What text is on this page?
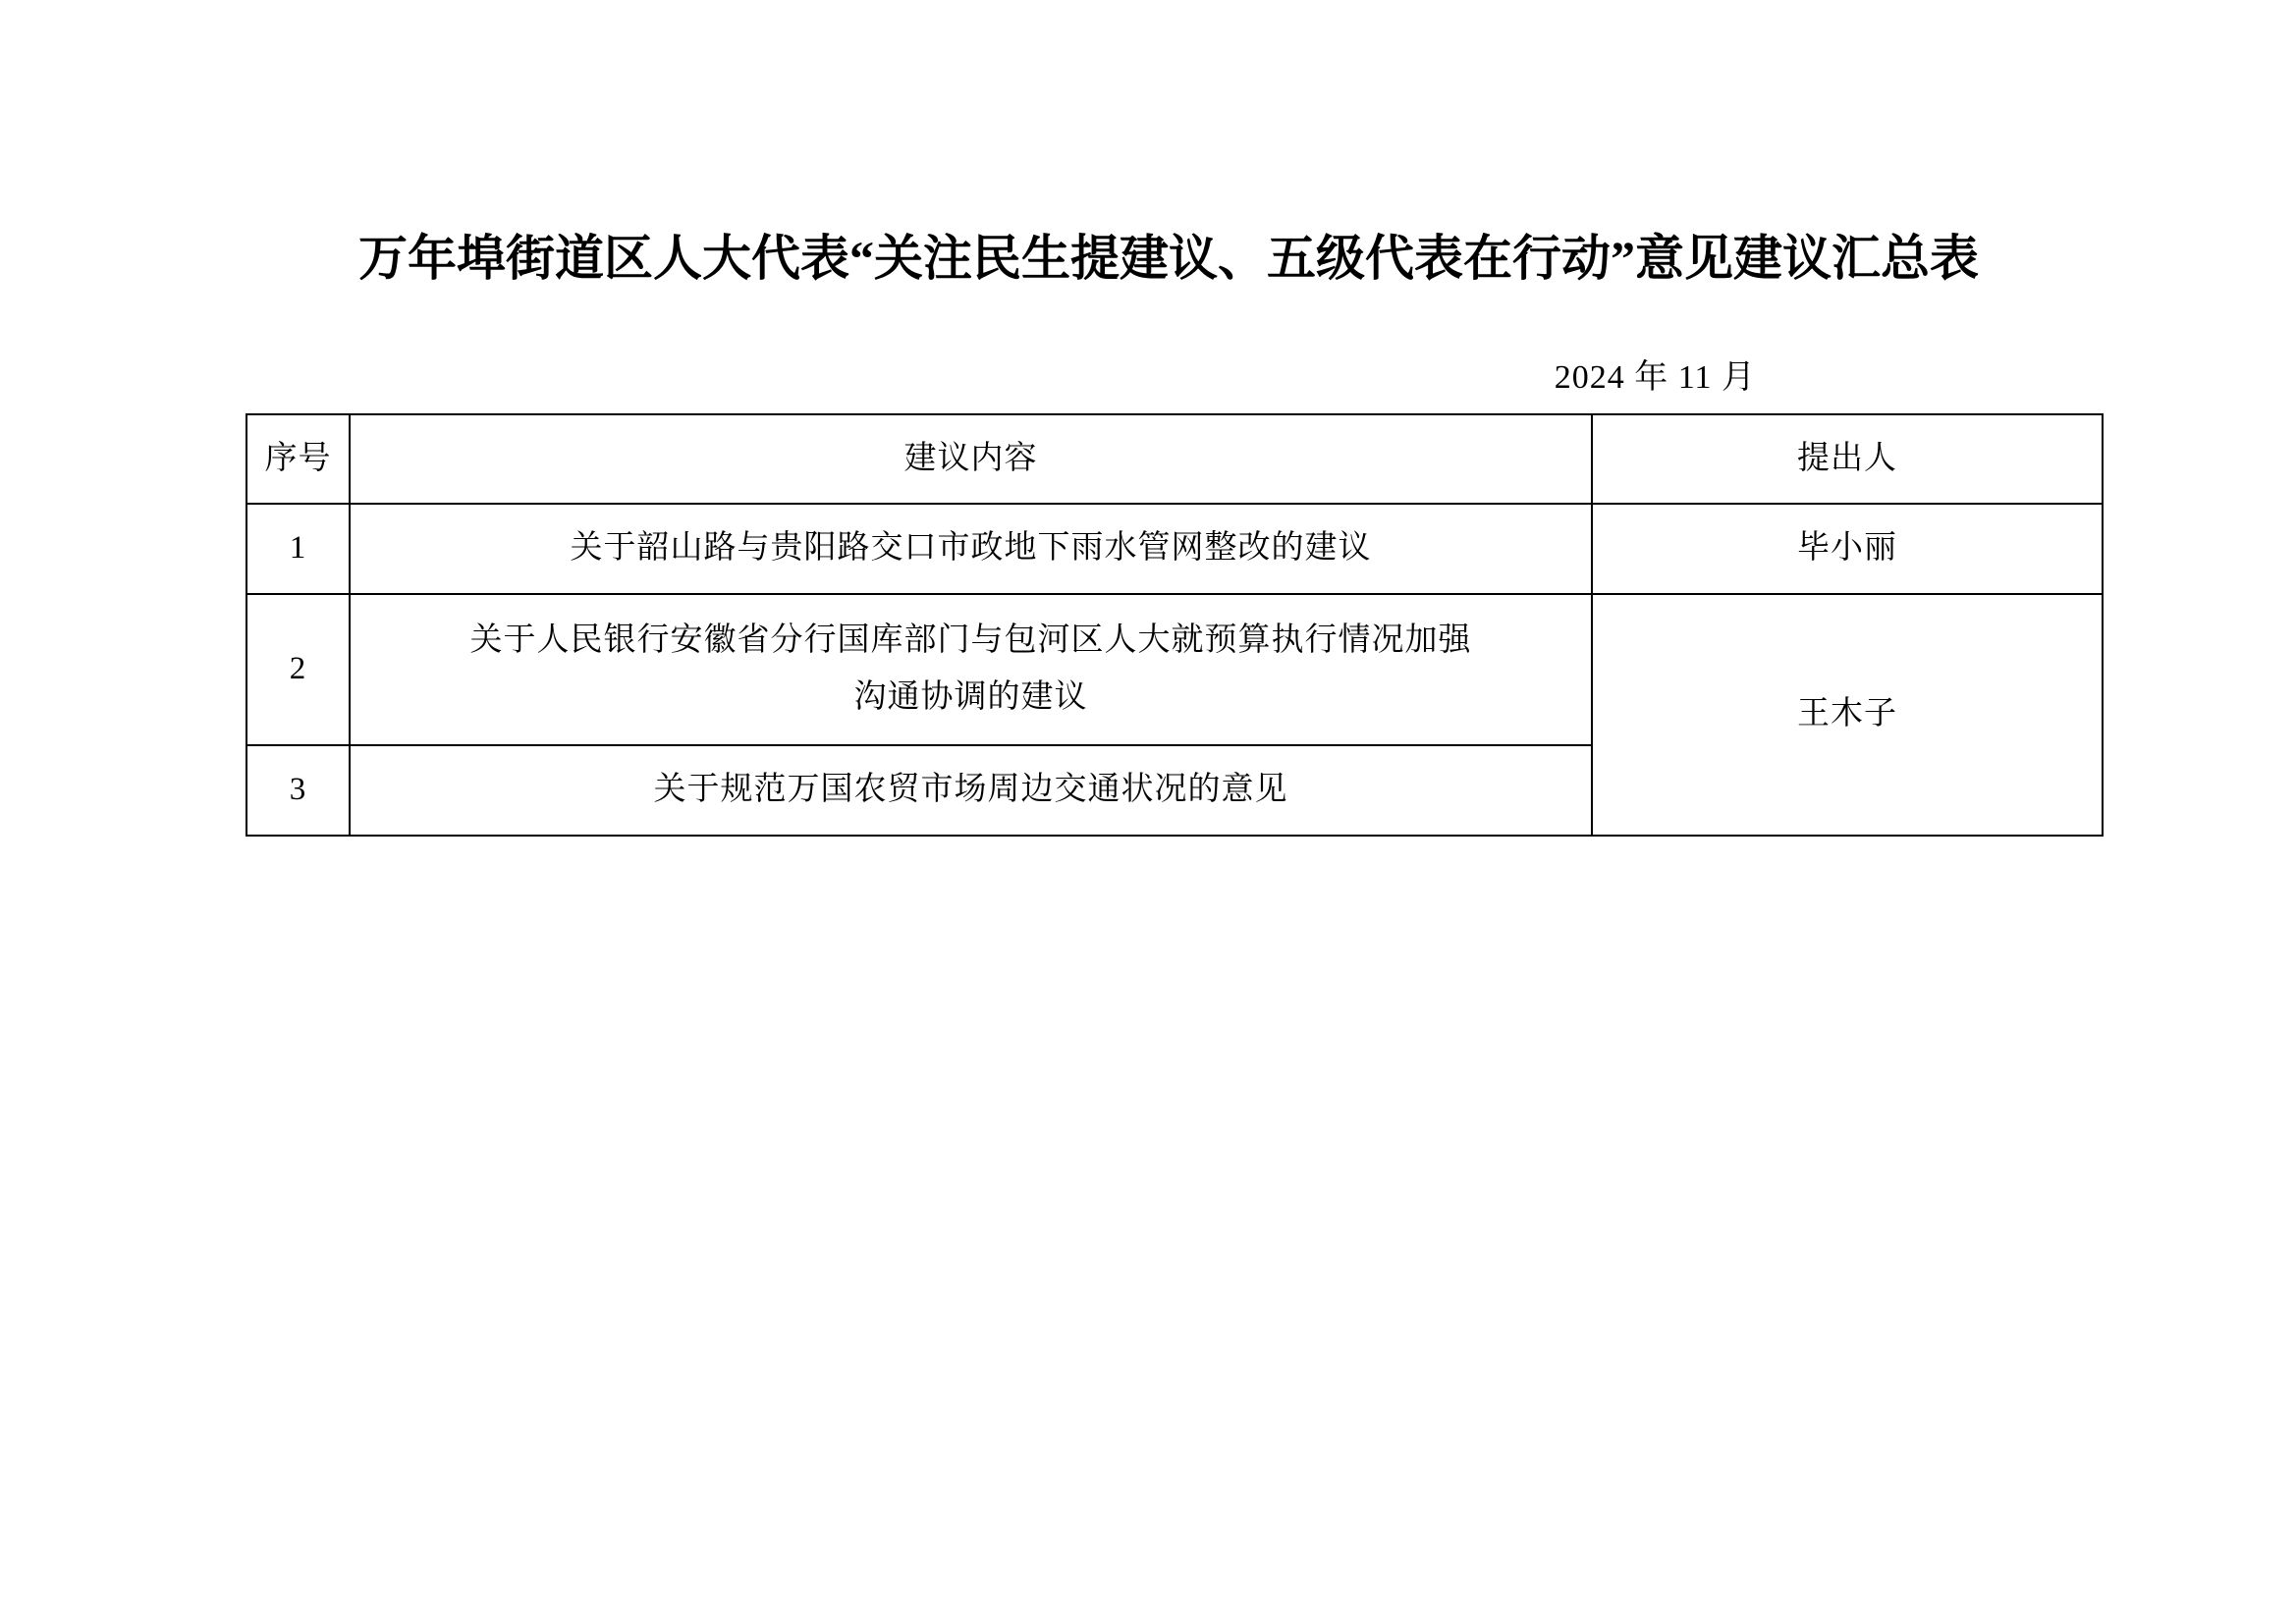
万年埠街道区人大代表“关注民生提建议、五级代表在行动”意见建议汇总表
2024 年 11 月
序号	建议内容	提出人
1	关于韶山路与贵阳路交口市政地下雨水管网整改的建议	毕小丽
2	关于人民银行安徽省分行国库部门与包河区人大就预算执行情况加强
沟通协调的建议	王木子
3	关于规范万国农贸市场周边交通状况的意见	
